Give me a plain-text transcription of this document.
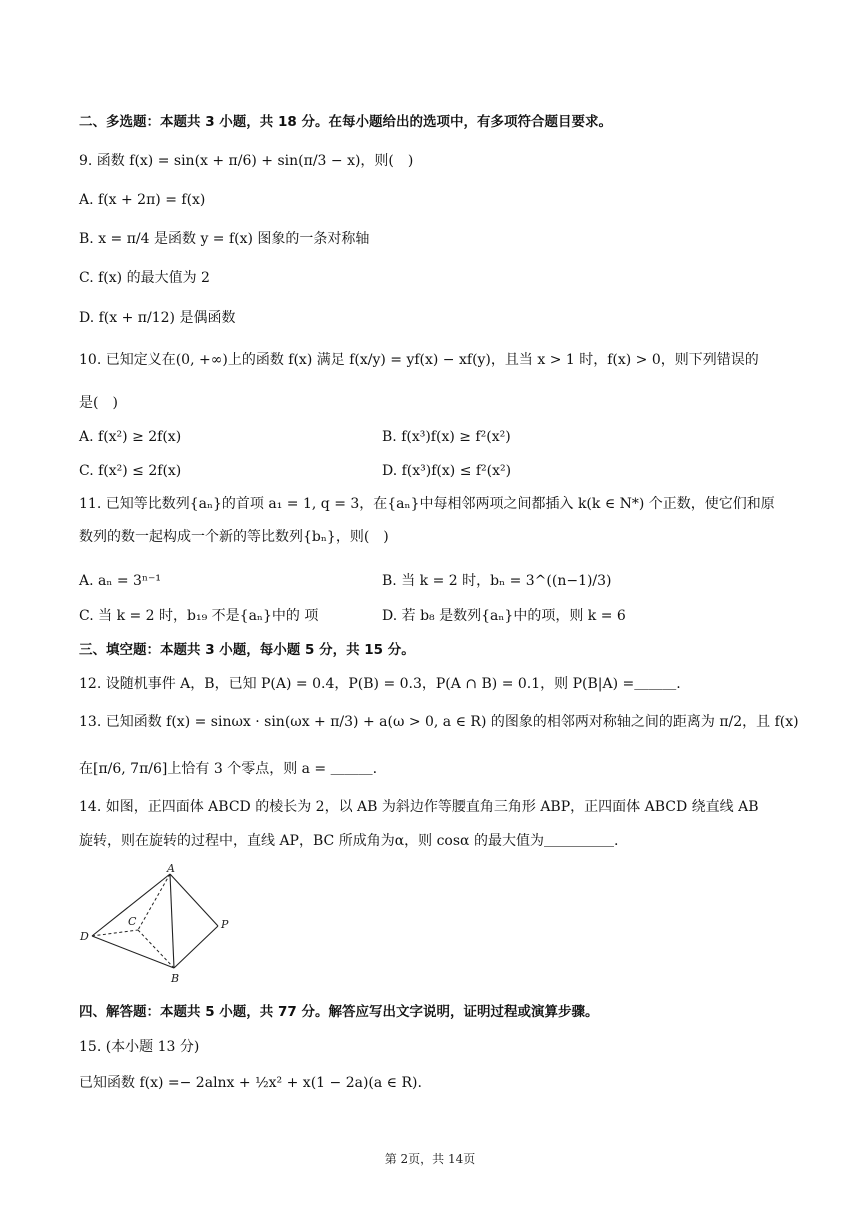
二、多选题：本题共 3 小题，共 18 分。在每小题给出的选项中，有多项符合题目要求。
9. 函数 f(x) = sin(x + π/6) + sin(π/3 − x)，则(　)
A. f(x + 2π) = f(x)
B. x = π/4 是函数 y = f(x) 图象的一条对称轴
C. f(x) 的最大值为 2
D. f(x + π/12) 是偶函数
10. 已知定义在(0, +∞)上的函数 f(x) 满足 f(x/y) = yf(x) − xf(y)，且当 x > 1 时，f(x) > 0，则下列错误的
是(　)
A. f(x²) ≥ 2f(x)	B. f(x³)f(x) ≥ f²(x²)
C. f(x²) ≤ 2f(x)	D. f(x³)f(x) ≤ f²(x²)
11. 已知等比数列{aₙ}的首项 a₁ = 1, q = 3，在{aₙ}中每相邻两项之间都插入 k(k ∈ N*) 个正数，使它们和原
数列的数一起构成一个新的等比数列{bₙ}，则(　)
A. aₙ = 3ⁿ⁻¹	B. 当 k = 2 时，bₙ = 3^((n−1)/3)
C. 当 k = 2 时，b₁₉ 不是{aₙ}中的 项	D. 若 b₈ 是数列{aₙ}中的项，则 k = 6
三、填空题：本题共 3 小题，每小题 5 分，共 15 分。
12. 设随机事件 A，B，已知 P(A) = 0.4，P(B) = 0.3，P(A ∩ B) = 0.1，则 P(B|A) =＿＿＿.
13. 已知函数 f(x) = sinωx · sin(ωx + π/3) + a(ω > 0, a ∈ R) 的图象的相邻两对称轴之间的距离为 π/2，且 f(x)
在[π/6, 7π/6]上恰有 3 个零点，则 a = ＿＿＿.
14. 如图，正四面体 ABCD 的棱长为 2，以 AB 为斜边作等腰直角三角形 ABP，正四面体 ABCD 绕直线 AB
旋转，则在旋转的过程中，直线 AP，BC 所成角为α，则 cosα 的最大值为＿＿＿＿＿.
A
B
C
D
P
四、解答题：本题共 5 小题，共 77 分。解答应写出文字说明，证明过程或演算步骤。
15. (本小题 13 分)
已知函数 f(x) =− 2alnx + ½x² + x(1 − 2a)(a ∈ R).
第 2页，共 14页
